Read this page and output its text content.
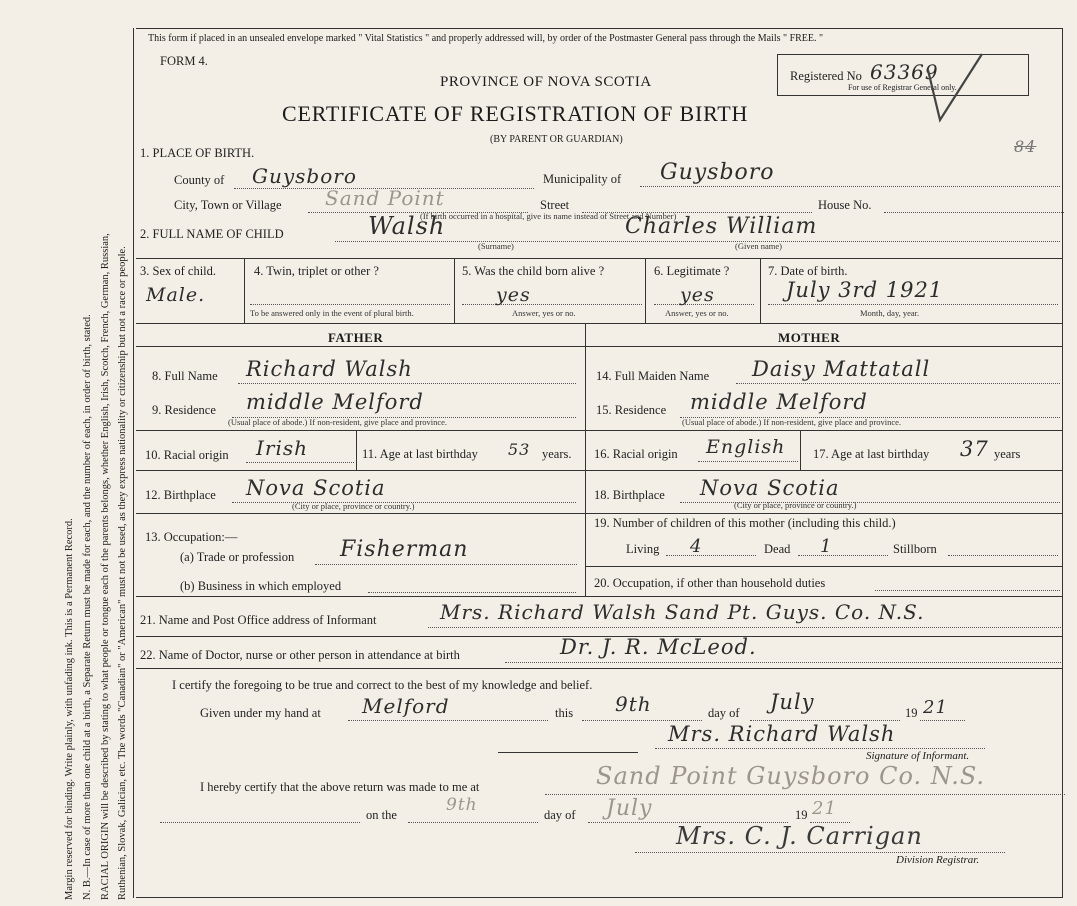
Margin reserved for binding. Write plainly, with unfading ink. This is a Permanent Record. N. B.—In case of more than one child at a birth, a Separate Return must be made for each, and the number of each, in order of birth, stated. RACIAL ORIGIN will be described by stating to what people or tongue each of the parents belongs, whether English, Irish, Scotch, French, German, Russian, Ruthenian, Slovak, Galician, etc. The words "Canadian" or "American" must not be used, as they express nationality or citizenship but not a race or people.
This form if placed in an unsealed envelope marked " Vital Statistics " and properly addressed will, by order of the Postmaster General pass through the Mails " FREE. "
FORM 4.
PROVINCE OF NOVA SCOTIA
CERTIFICATE OF REGISTRATION OF BIRTH
(BY PARENT OR GUARDIAN)
Registered No 63369
For use of Registrar General only.
84
1. PLACE OF BIRTH.
County of Guysboro	Municipality of Guysboro
City, Town or Village Sand Point	Street	House No.
(If birth occurred in a hospital, give its name instead of Street and Number)
2. FULL NAME OF CHILD	Walsh
(Surname)
Charles William
(Given name)
3. Sex of child.
Male.
4. Twin, triplet or other ?
To be answered only in the event of plural birth.
5. Was the child born alive ?
yes
Answer, yes or no.
6. Legitimate ?
yes
Answer, yes or no.
7. Date of birth.
July 3rd 1921
Month, day, year.
FATHER	MOTHER
8. Full Name Richard Walsh
9. Residence middle Melford
(Usual place of abode.) If non-resident, give place and province.
10. Racial origin Irish	11. Age at last birthday 53 years.
12. Birthplace Nova Scotia
(City or place, province or country.)
13. Occupation:—
(a) Trade or profession Fisherman
(b) Business in which employed
14. Full Maiden Name Daisy Mattatall
15. Residence middle Melford
(Usual place of abode.) If non-resident, give place and province.
16. Racial origin English 17. Age at last birthday 37 years
18. Birthplace Nova Scotia
(City or place, province or country.)
19. Number of children of this mother (including this child.)
Living 4	Dead 1	Stillborn
20. Occupation, if other than household duties
21. Name and Post Office address of Informant	Mrs. Richard Walsh Sand Pt. Guys. Co. N.S.
22. Name of Doctor, nurse or other person in attendance at birth	Dr. J. R. McLeod.
I certify the foregoing to be true and correct to the best of my knowledge and belief.
Given under my hand at Melford	this 9th	day of July	19 21
Mrs. Richard Walsh
Signature of Informant.
I hereby certify that the above return was made to me at	Sand Point Guysboro Co. N.S.
on the	9th	day of July	19 21
Mrs. C. J. Carrigan
Division Registrar.
